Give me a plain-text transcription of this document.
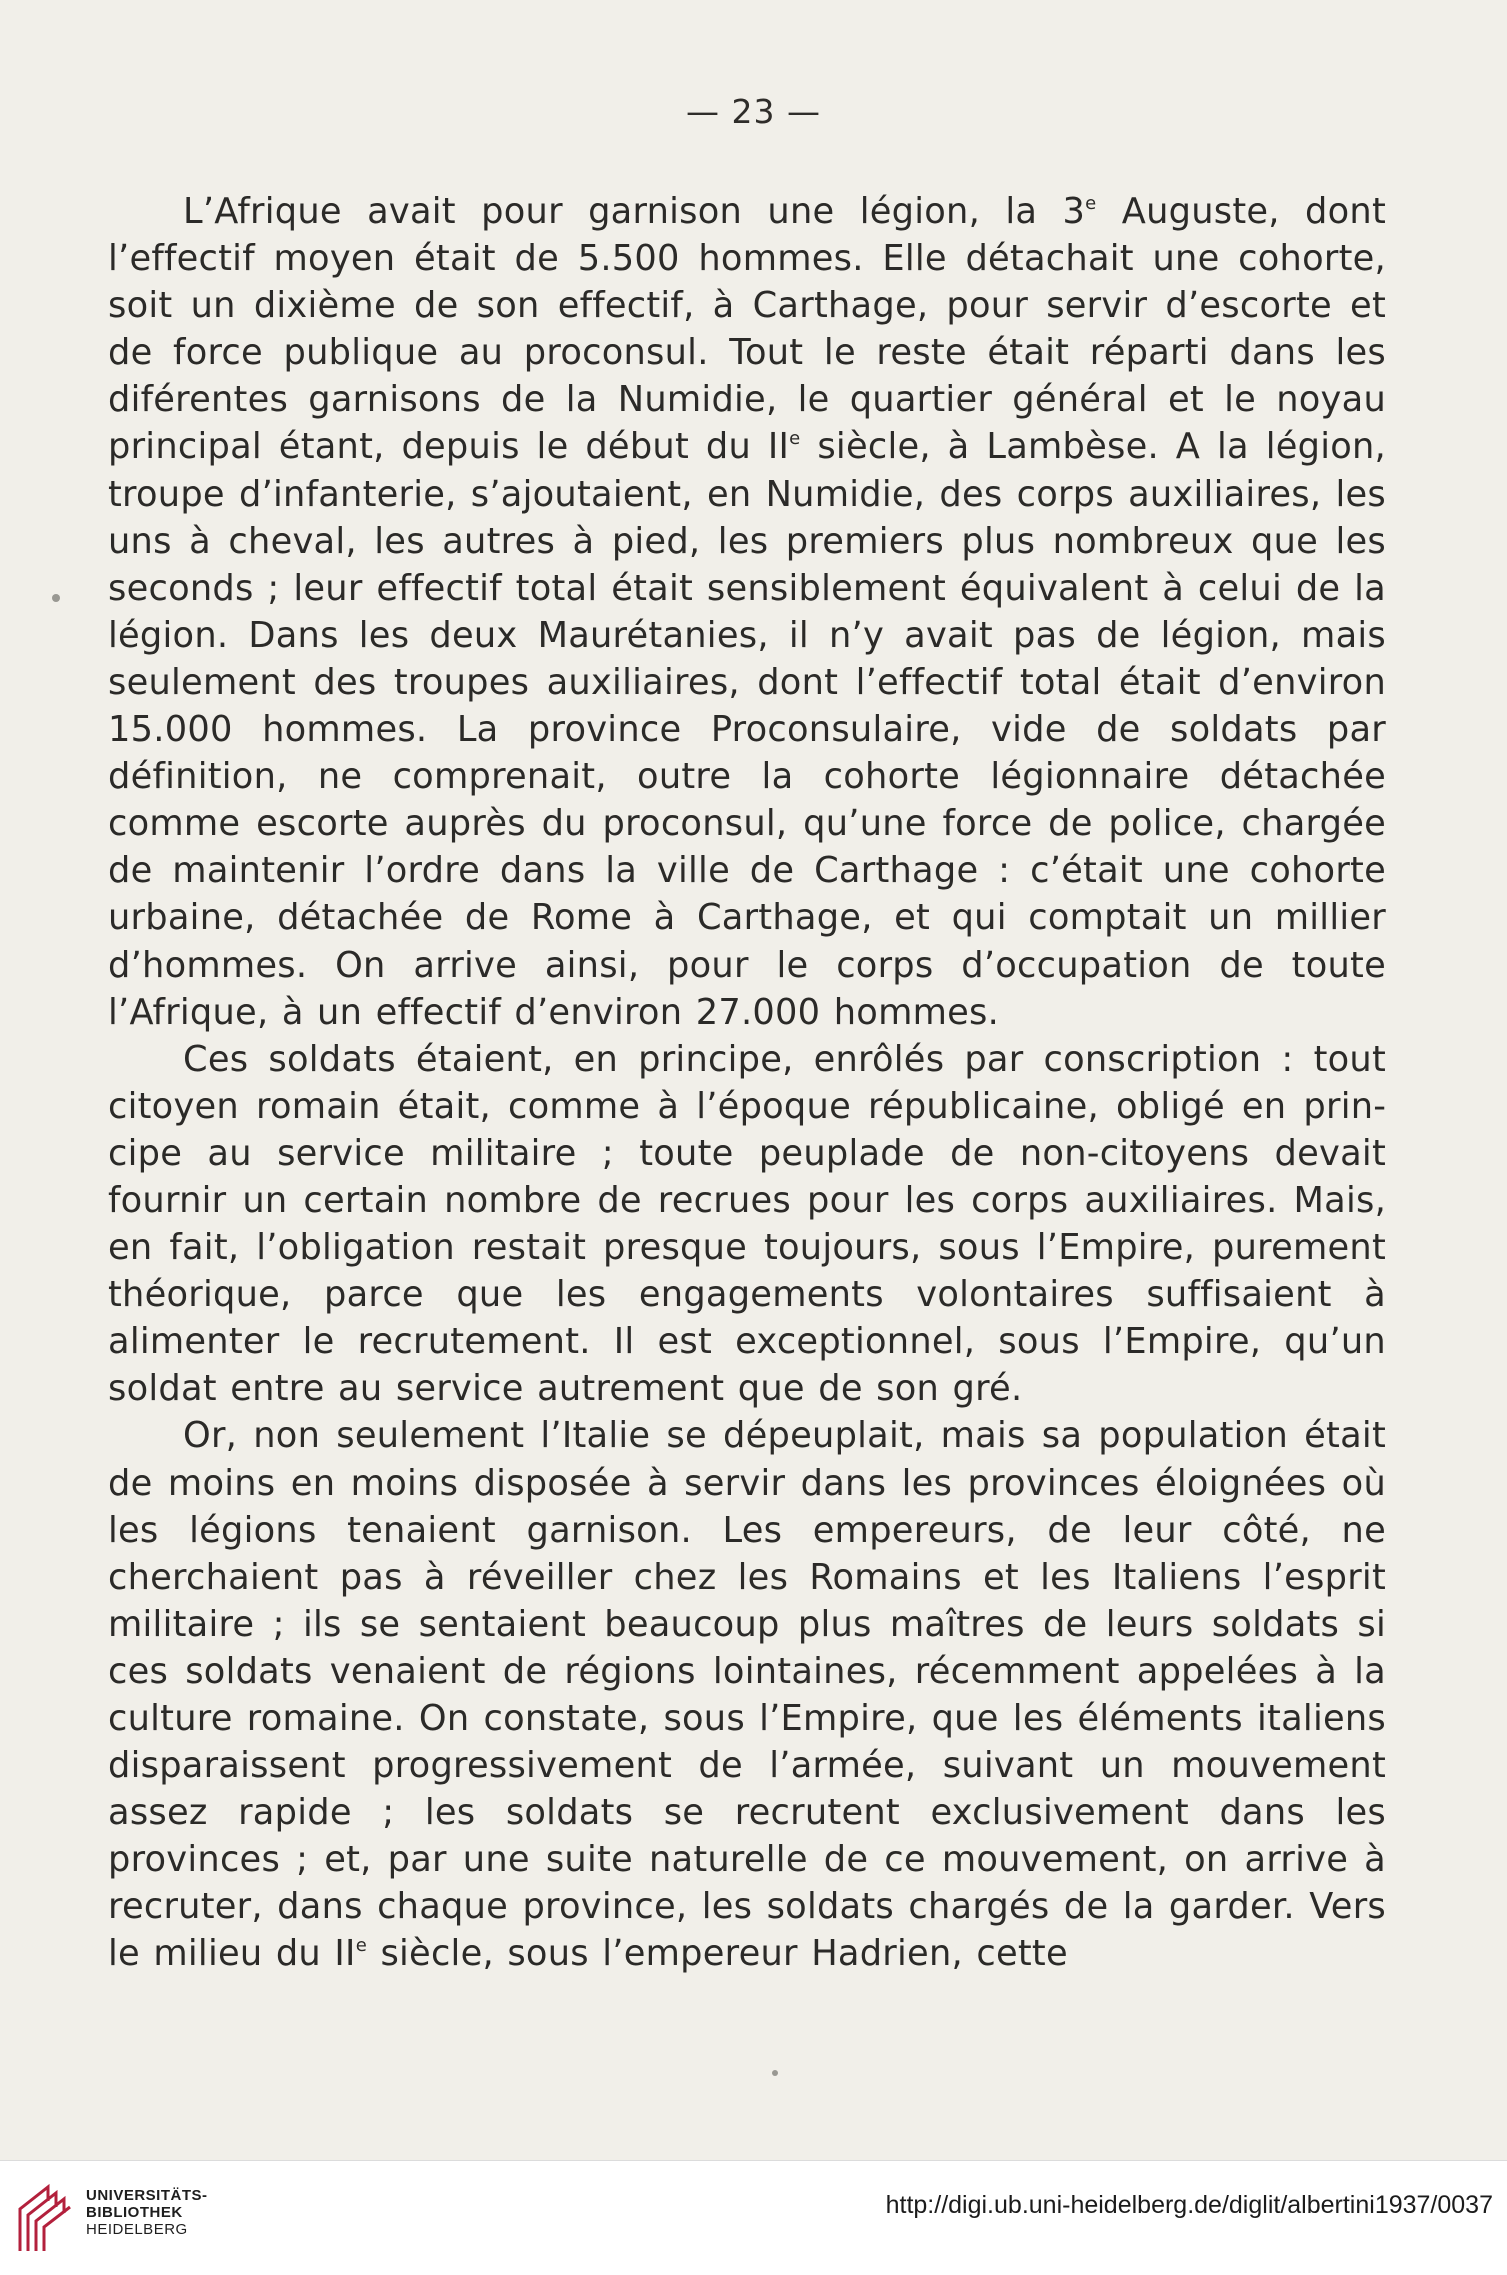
— 23 —

L’Afrique avait pour garnison une légion, la 3e Auguste, dont l’effectif moyen était de 5.500 hommes. Elle détachait une cohorte, soit un dixième de son effectif, à Carthage, pour servir d’escorte et de force publique au proconsul. Tout le reste était réparti dans les diférentes garnisons de la Numidie, le quartier général et le noyau principal étant, depuis le début du IIe siècle, à Lambèse. A la légion, troupe d’infanterie, s’ajoutaient, en Numidie, des corps auxiliaires, les uns à cheval, les autres à pied, les premiers plus nombreux que les seconds ; leur effectif total était sensiblement équivalent à celui de la légion. Dans les deux Maurétanies, il n’y avait pas de légion, mais seulement des troupes auxiliaires, dont l’effectif total était d’environ 15.000 hommes. La province Proconsulaire, vide de soldats par définition, ne comprenait, outre la cohorte légionnaire détachée comme escorte auprès du proconsul, qu’une force de police, chargée de maintenir l’ordre dans la ville de Carthage : c’était une cohorte urbaine, détachée de Rome à Carthage, et qui comptait un millier d’hommes. On arrive ainsi, pour le corps d’occupation de toute l’Afrique, à un effectif d’environ 27.000 hommes.

Ces soldats étaient, en principe, enrôlés par conscription : tout citoyen romain était, comme à l’époque républicaine, obligé en principe au service militaire ; toute peuplade de non-citoyens devait fournir un certain nombre de recrues pour les corps auxiliaires. Mais, en fait, l’obligation restait presque toujours, sous l’Empire, purement théorique, parce que les engagements volontaires suffisaient à alimenter le recrutement. Il est exceptionnel, sous l’Empire, qu’un soldat entre au service autrement que de son gré.

Or, non seulement l’Italie se dépeuplait, mais sa population était de moins en moins disposée à servir dans les provinces éloignées où les légions tenaient garnison. Les empereurs, de leur côté, ne cherchaient pas à réveiller chez les Romains et les Italiens l’esprit militaire ; ils se sentaient beaucoup plus maîtres de leurs soldats si ces soldats venaient de régions lointaines, récemment appelées à la culture romaine. On constate, sous l’Empire, que les éléments italiens disparaissent progressivement de l’armée, suivant un mouvement assez rapide ; les soldats se recrutent exclusivement dans les provinces ; et, par une suite naturelle de ce mouvement, on arrive à recruter, dans chaque province, les soldats chargés de la garder. Vers le milieu du IIe siècle, sous l’empereur Hadrien, cette

UNIVERSITÄTS-
BIBLIOTHEK
HEIDELBERG
http://digi.ub.uni-heidelberg.de/diglit/albertini1937/0037
